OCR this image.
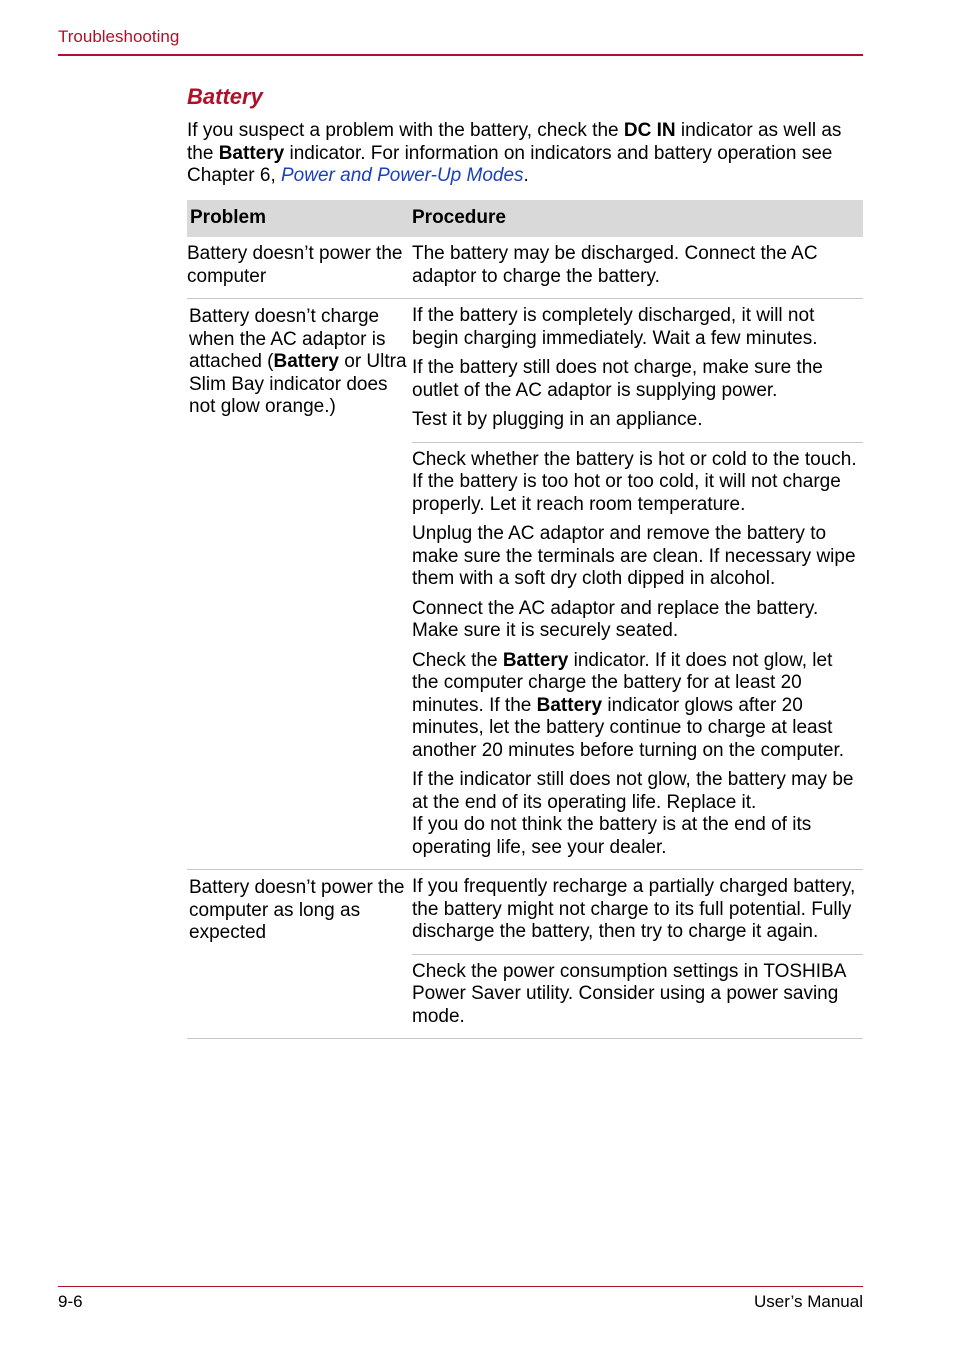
Troubleshooting
Battery
If you suspect a problem with the battery, check the DC IN indicator as well as the Battery indicator. For information on indicators and battery operation see Chapter 6, Power and Power-Up Modes.
Problem	Procedure
Battery doesn’t power the computer

The battery may be discharged. Connect the AC adaptor to charge the battery.

Battery doesn’t charge when the AC adaptor is attached (Battery or Ultra Slim Bay indicator does not glow orange.)

If the battery is completely discharged, it will not begin charging immediately. Wait a few minutes.

If the battery still does not charge, make sure the outlet of the AC adaptor is supplying power.

Test it by plugging in an appliance.

Check whether the battery is hot or cold to the touch. If the battery is too hot or too cold, it will not charge properly. Let it reach room temperature.

Unplug the AC adaptor and remove the battery to make sure the terminals are clean. If necessary wipe them with a soft dry cloth dipped in alcohol.

Connect the AC adaptor and replace the battery. Make sure it is securely seated.

Check the Battery indicator. If it does not glow, let the computer charge the battery for at least 20 minutes. If the Battery indicator glows after 20 minutes, let the battery continue to charge at least another 20 minutes before turning on the computer.

If the indicator still does not glow, the battery may be at the end of its operating life. Replace it.

If you do not think the battery is at the end of its operating life, see your dealer.

Battery doesn’t power the computer as long as expected

If you frequently recharge a partially charged battery, the battery might not charge to its full potential. Fully discharge the battery, then try to charge it again.

Check the power consumption settings in TOSHIBA Power Saver utility. Consider using a power saving mode.

9-6	User’s Manual
